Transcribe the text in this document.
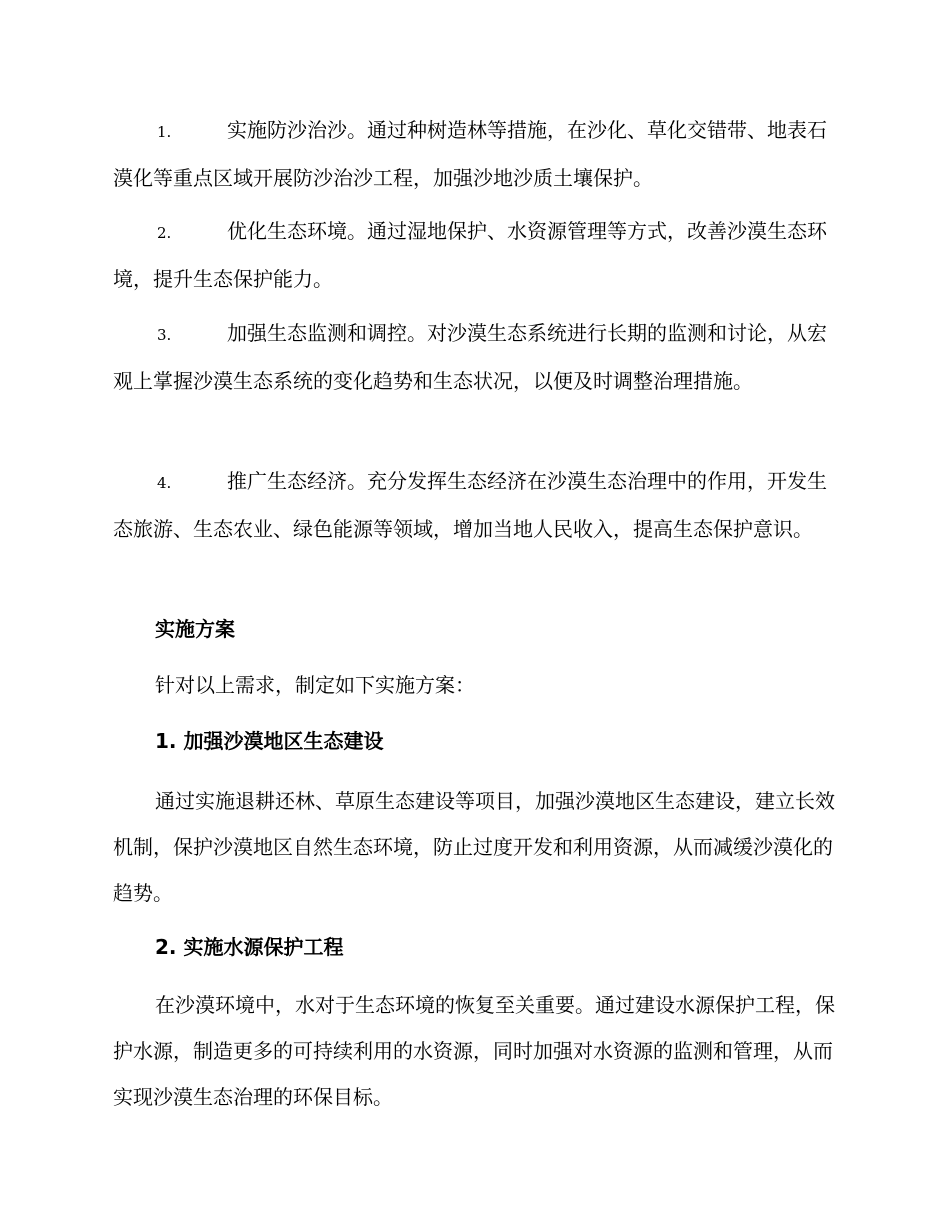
1.	实施防沙治沙。通过种树造林等措施，在沙化、草化交错带、地表石漠化等重点区域开展防沙治沙工程，加强沙地沙质土壤保护。

2.	优化生态环境。通过湿地保护、水资源管理等方式，改善沙漠生态环境，提升生态保护能力。

3.	加强生态监测和调控。对沙漠生态系统进行长期的监测和讨论，从宏观上掌握沙漠生态系统的变化趋势和生态状况，以便及时调整治理措施。

4.	推广生态经济。充分发挥生态经济在沙漠生态治理中的作用，开发生态旅游、生态农业、绿色能源等领域，增加当地人民收入，提高生态保护意识。

实施方案

针对以上需求，制定如下实施方案：

1. 加强沙漠地区生态建设

通过实施退耕还林、草原生态建设等项目，加强沙漠地区生态建设，建立长效机制，保护沙漠地区自然生态环境，防止过度开发和利用资源，从而减缓沙漠化的趋势。

2. 实施水源保护工程

在沙漠环境中，水对于生态环境的恢复至关重要。通过建设水源保护工程，保护水源，制造更多的可持续利用的水资源，同时加强对水资源的监测和管理，从而实现沙漠生态治理的环保目标。
